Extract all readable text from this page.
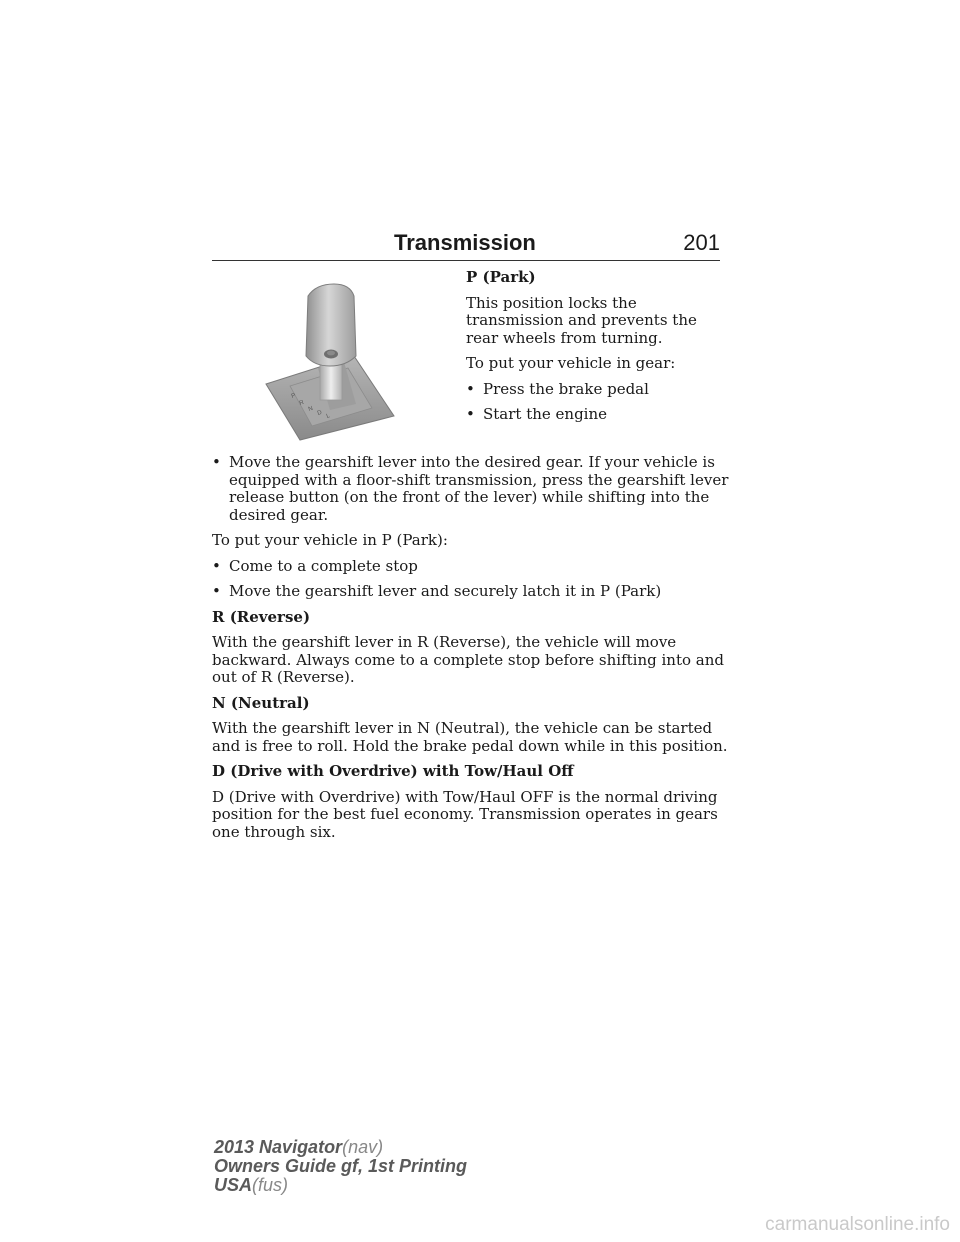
Transmission	201
P
R
N
D L

P (Park)

This position locks the transmission and prevents the rear wheels from turning.

To put your vehicle in gear:

• Press the brake pedal
• Start the engine
• Move the gearshift lever into the desired gear. If your vehicle is equipped with a floor-shift transmission, press the gearshift lever release button (on the front of the lever) while shifting into the desired gear.

To put your vehicle in P (Park):

• Come to a complete stop
• Move the gearshift lever and securely latch it in P (Park)

R (Reverse)

With the gearshift lever in R (Reverse), the vehicle will move backward. Always come to a complete stop before shifting into and out of R (Reverse).

N (Neutral)

With the gearshift lever in N (Neutral), the vehicle can be started and is free to roll. Hold the brake pedal down while in this position.

D (Drive with Overdrive) with Tow/Haul Off

D (Drive with Overdrive) with Tow/Haul OFF is the normal driving position for the best fuel economy. Transmission operates in gears one through six.

2013 Navigator(nav)
Owners Guide gf, 1st Printing
USA(fus)
carmanualsonline.info
